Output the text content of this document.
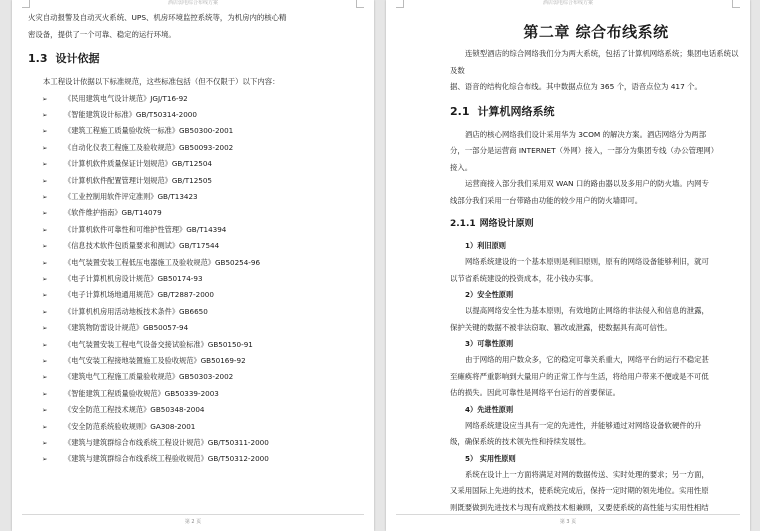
酒店弱电综合布线方案

火灾自动报警及自动灭火系统、UPS、机房环境监控系统等，为机房内的核心精

密设备，提供了一个可靠、稳定的运行环境。

1.3 设计依据

本工程设计依据以下标准规范，这些标准包括（但不仅限于）以下内容：

➢ 《民用建筑电气设计规范》JGJ/T16-92
➢ 《智能建筑设计标准》GB/T50314-2000
➢ 《建筑工程施工质量验收统一标准》GB50300-2001
➢ 《自动化仪表工程施工及验收规范》GB50093-2002
➢ 《计算机软件质量保证计划规范》GB/T12504
➢ 《计算机软件配置管理计划规范》GB/T12505
➢ 《工业控制用软件评定准则》GB/T13423
➢ 《软件维护指南》GB/T14079
➢ 《计算机软件可靠性和可维护性管理》GB/T14394
➢ 《信息技术软件包质量要求和测试》GB/T17544
➢ 《电气装置安装工程低压电器施工及验收规范》GB50254-96
➢ 《电子计算机机房设计规范》GB50174-93
➢ 《电子计算机场地通用规范》GB/T2887-2000
➢ 《计算机机房用活动地板技术条件》GB6650
➢ 《建筑物防雷设计规范》GB50057-94
➢ 《电气装置安装工程电气设备交接试验标准》GB50150-91
➢ 《电气安装工程接地装置施工及验收规范》GB50169-92
➢ 《建筑电气工程施工质量验收规范》GB50303-2002
➢ 《智能建筑工程质量验收规范》GB50339-2003
➢ 《安全防范工程技术规范》GB50348-2004
➢ 《安全防范系统验收规则》GA308-2001
➢ 《建筑与建筑群综合布线系统工程设计规范》GB/T50311-2000
➢ 《建筑与建筑群综合布线系统工程验收规范》GB/T50312-2000
第 2 页
酒店弱电综合布线方案
第二章 综合布线系统

连锁型酒店的综合网络我们分为两大系统，包括了计算机网络系统；集团电话系统以及数

据、语音的结构化综合布线。其中数据点位为 365 个，语音点位为 417 个。

2.1 计算机网络系统

酒店的核心网络我们设计采用华为 3COM 的解决方案。酒店网络分为两部

分，一部分是运营商 INTERNET（外网）接入，一部分为集团专线（办公管理网）

接入。

运营商接入部分我们采用双 WAN 口的路由器以及多用户的防火墙。内网专

线部分我们采用一台带路由功能的较少用户的防火墙即可。

2.1.1 网络设计原则

1）利旧原则

网络系统建设的一个基本原则是利旧原则，原有的网络设备能够利旧，就可

以节省系统建设的投资成本，花小钱办实事。

2）安全性原则

以提高网络安全性为基本原则，有效地防止网络的非法侵入和信息的泄露，

保护关键的数据不被非法窃取、篡改或泄露，使数据具有高可信性。

3）可靠性原则

由于网络的用户数众多，它的稳定可靠关系重大，网络平台的运行不稳定甚

至瘫痪将严重影响到大量用户的正常工作与生活，将给用户带来不便或是不可低

估的损失。因此可靠性是网络平台运行的首要保证。

4）先进性原则

网络系统建设应当具有一定的先进性，并能够通过对网络设备软硬件的升

级，确保系统的技术领先性和持续发展性。

5） 实用性原则

系统在设计上一方面将满足对网的数据传送、实时处理的要求；另一方面，

又采用国际上先进的技术，使系统完成后，保持一定时期的领先地位。实用性原

则既要做到先进技术与现有成熟技术相兼顾，又要使系统的高性能与实用性相结

第 3 页
